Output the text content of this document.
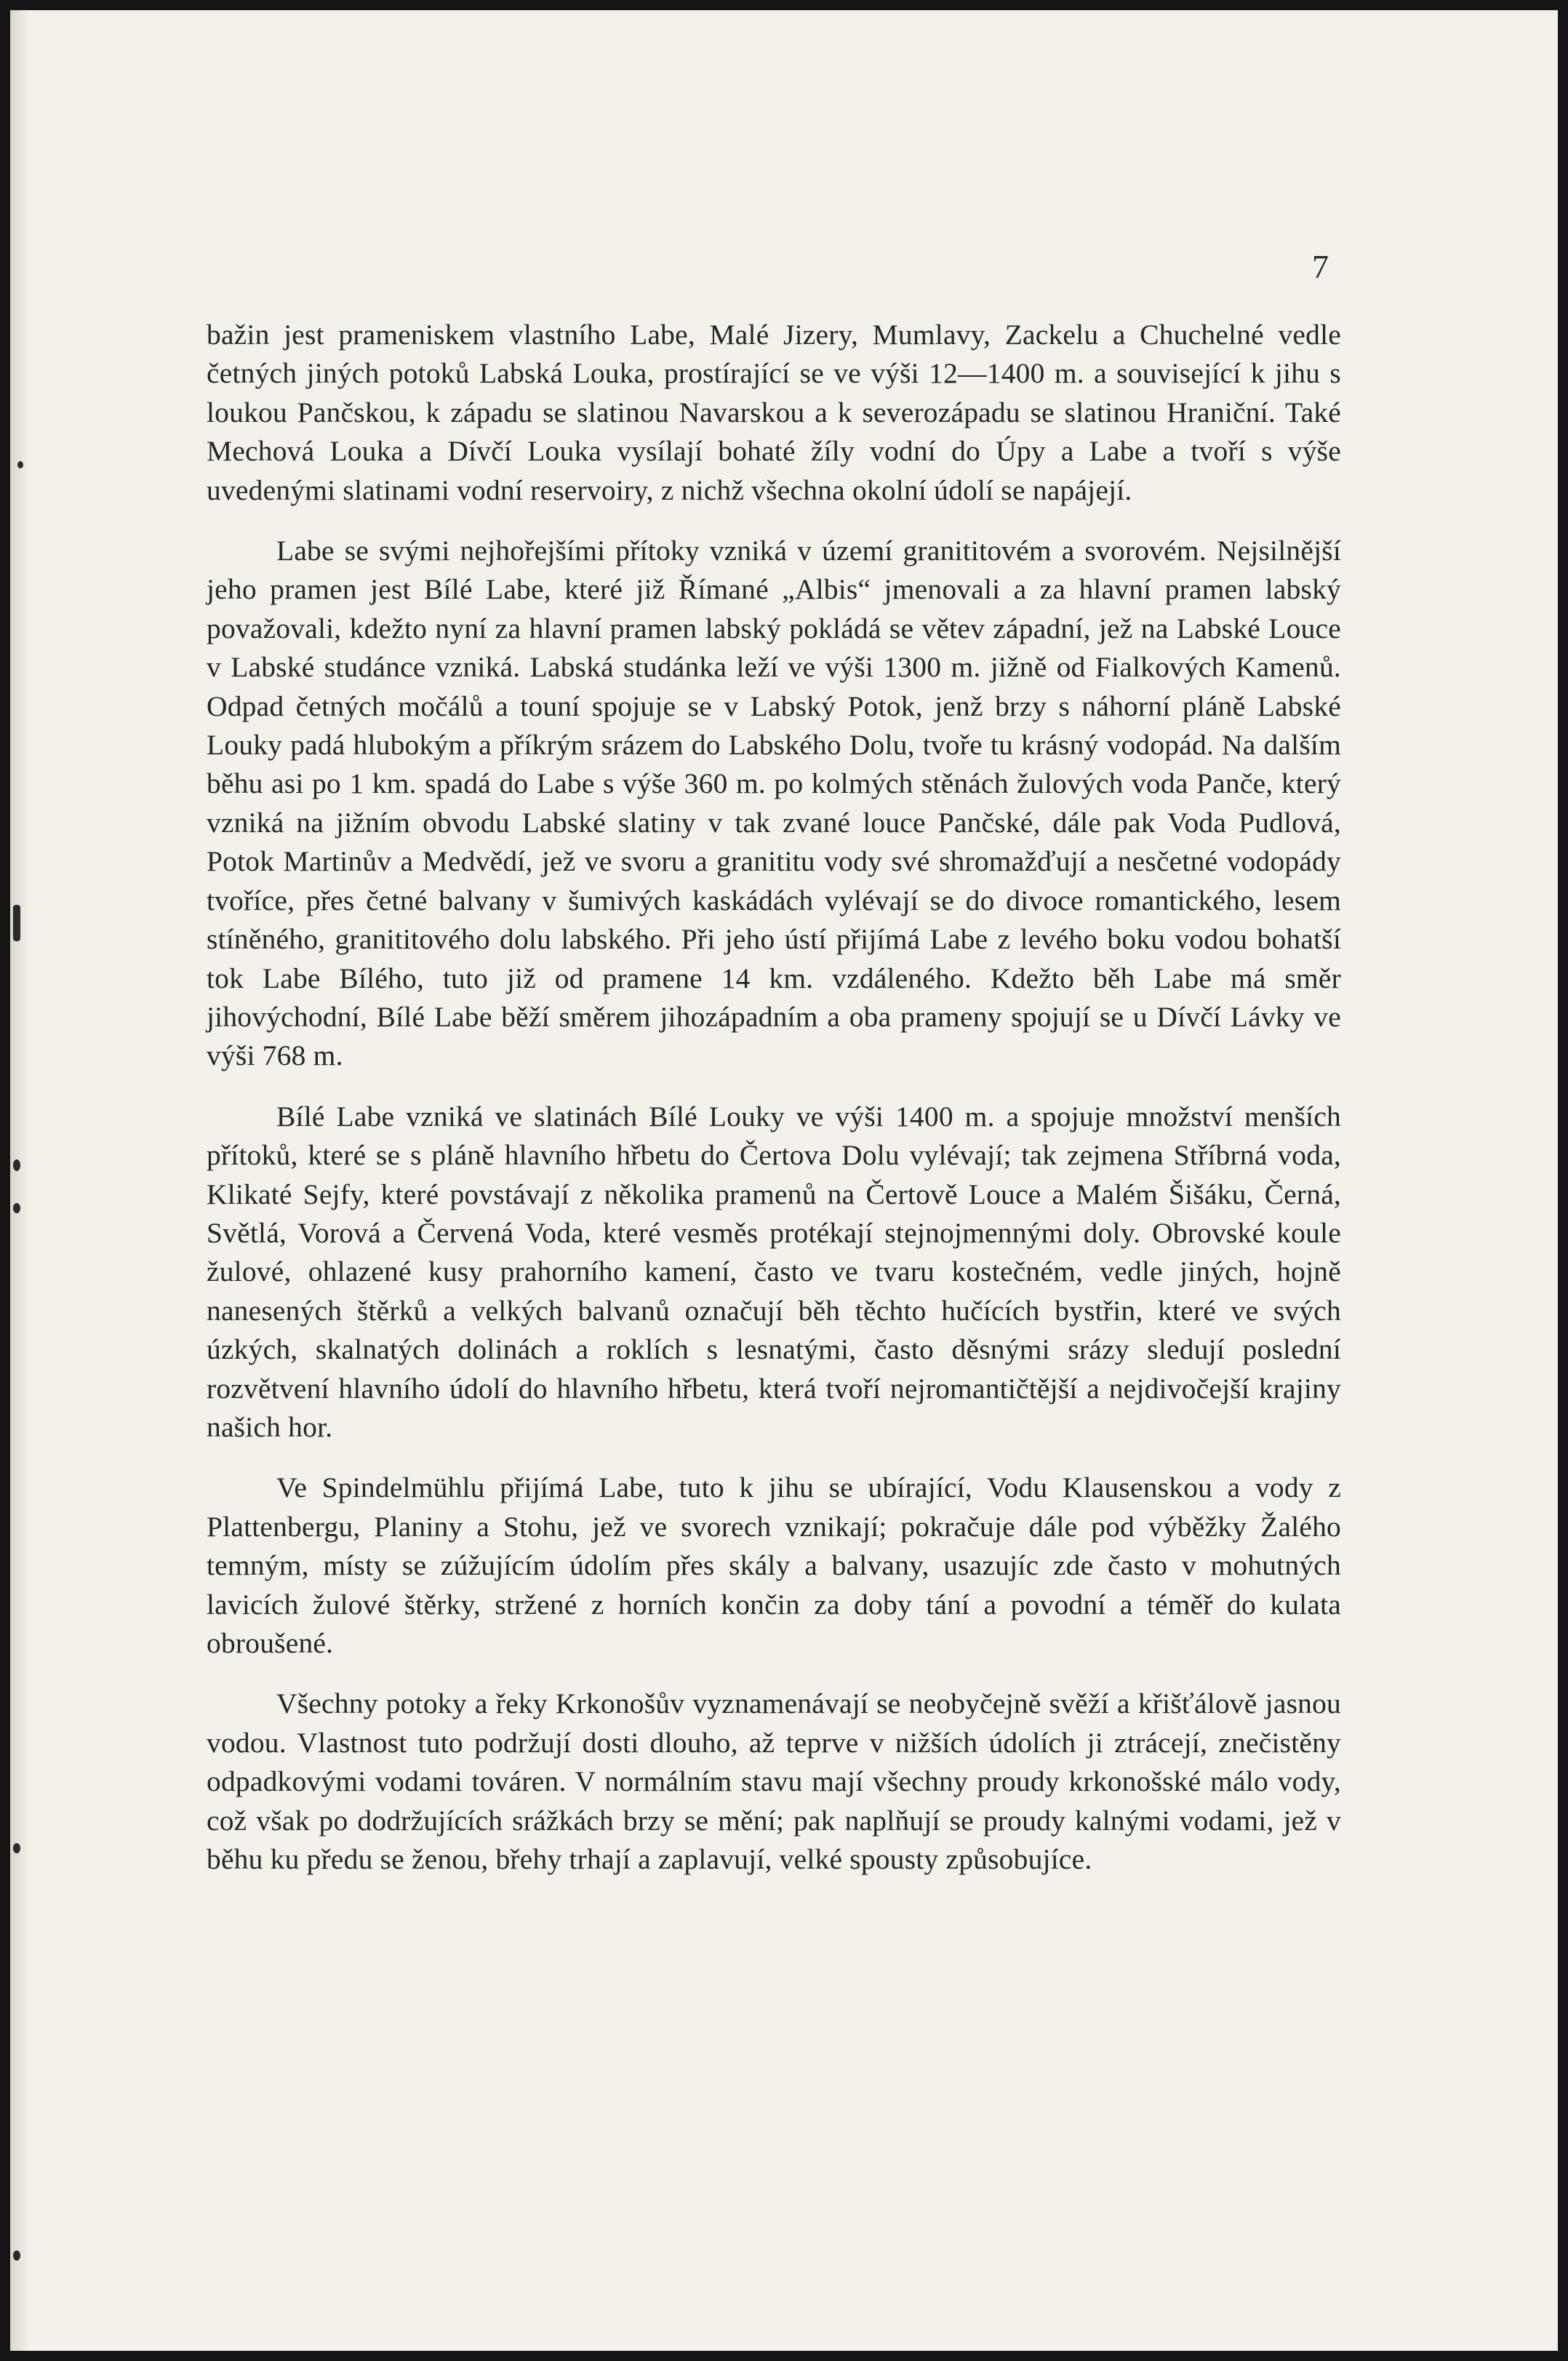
7

bažin jest prameniskem vlastního Labe, Malé Jizery, Mumlavy, Zackelu a Chuchelné vedle četných jiných potoků Labská Louka, prostírající se ve výši 12—1400 m. a související k jihu s loukou Pančskou, k západu se slatinou Navarskou a k severozápadu se slatinou Hraniční. Také Mechová Louka a Dívčí Louka vysílají bohaté žíly vodní do Úpy a Labe a tvoří s výše uvedenými slatinami vodní reservoiry, z nichž všechna okolní údolí se napájejí.

Labe se svými nejhořejšími přítoky vzniká v území granititovém a svorovém. Nejsilnější jeho pramen jest Bílé Labe, které již Římané „Albis“ jmenovali a za hlavní pramen labský považovali, kdežto nyní za hlavní pramen labský pokládá se větev západní, jež na Labské Louce v Labské studánce vzniká. Labská studánka leží ve výši 1300 m. jižně od Fialkových Kamenů. Odpad četných močálů a touní spojuje se v Labský Potok, jenž brzy s náhorní pláně Labské Louky padá hlubokým a příkrým srázem do Labského Dolu, tvoře tu krásný vodopád. Na dalším běhu asi po 1 km. spadá do Labe s výše 360 m. po kolmých stěnách žulových voda Panče, který vzniká na jižním obvodu Labské slatiny v tak zvané louce Pančské, dále pak Voda Pudlová, Potok Martinův a Medvědí, jež ve svoru a granititu vody své shromažďují a nesčetné vodopády tvoříce, přes četné balvany v šumivých kaskádách vylévají se do divoce romantického, lesem stíněného, granititového dolu labského. Při jeho ústí přijímá Labe z levého boku vodou bohatší tok Labe Bílého, tuto již od pramene 14 km. vzdáleného. Kdežto běh Labe má směr jihovýchodní, Bílé Labe běží směrem jihozápadním a oba prameny spojují se u Dívčí Lávky ve výši 768 m.

Bílé Labe vzniká ve slatinách Bílé Louky ve výši 1400 m. a spojuje množství menších přítoků, které se s pláně hlavního hřbetu do Čertova Dolu vylévají; tak zejmena Stříbrná voda, Klikaté Sejfy, které povstávají z několika pramenů na Čertově Louce a Malém Šišáku, Černá, Světlá, Vorová a Červená Voda, které vesměs protékají stejnojmennými doly. Obrovské koule žulové, ohlazené kusy prahorního kamení, často ve tvaru kostečném, vedle jiných, hojně nanesených štěrků a velkých balvanů označují běh těchto hučících bystřin, které ve svých úzkých, skalnatých dolinách a roklích s lesnatými, často děsnými srázy sledují poslední rozvětvení hlavního údolí do hlavního hřbetu, která tvoří nejromantičtější a nejdivočejší krajiny našich hor.

Ve Spindelmühlu přijímá Labe, tuto k jihu se ubírající, Vodu Klausenskou a vody z Plattenbergu, Planiny a Stohu, jež ve svorech vznikají; pokračuje dále pod výběžky Žalého temným, místy se zúžujícím údolím přes skály a balvany, usazujíc zde často v mohutných lavicích žulové štěrky, stržené z horních končin za doby tání a povodní a téměř do kulata obroušené.

Všechny potoky a řeky Krkonošův vyznamenávají se neobyčejně svěží a křišťálově jasnou vodou. Vlastnost tuto podržují dosti dlouho, až teprve v nižších údolích ji ztrácejí, znečistěny odpadkovými vodami továren. V normálním stavu mají všechny proudy krkonošské málo vody, což však po dodržujících srážkách brzy se mění; pak naplňují se proudy kalnými vodami, jež v běhu ku předu se ženou, břehy trhají a zaplavují, velké spousty způsobujíce.
